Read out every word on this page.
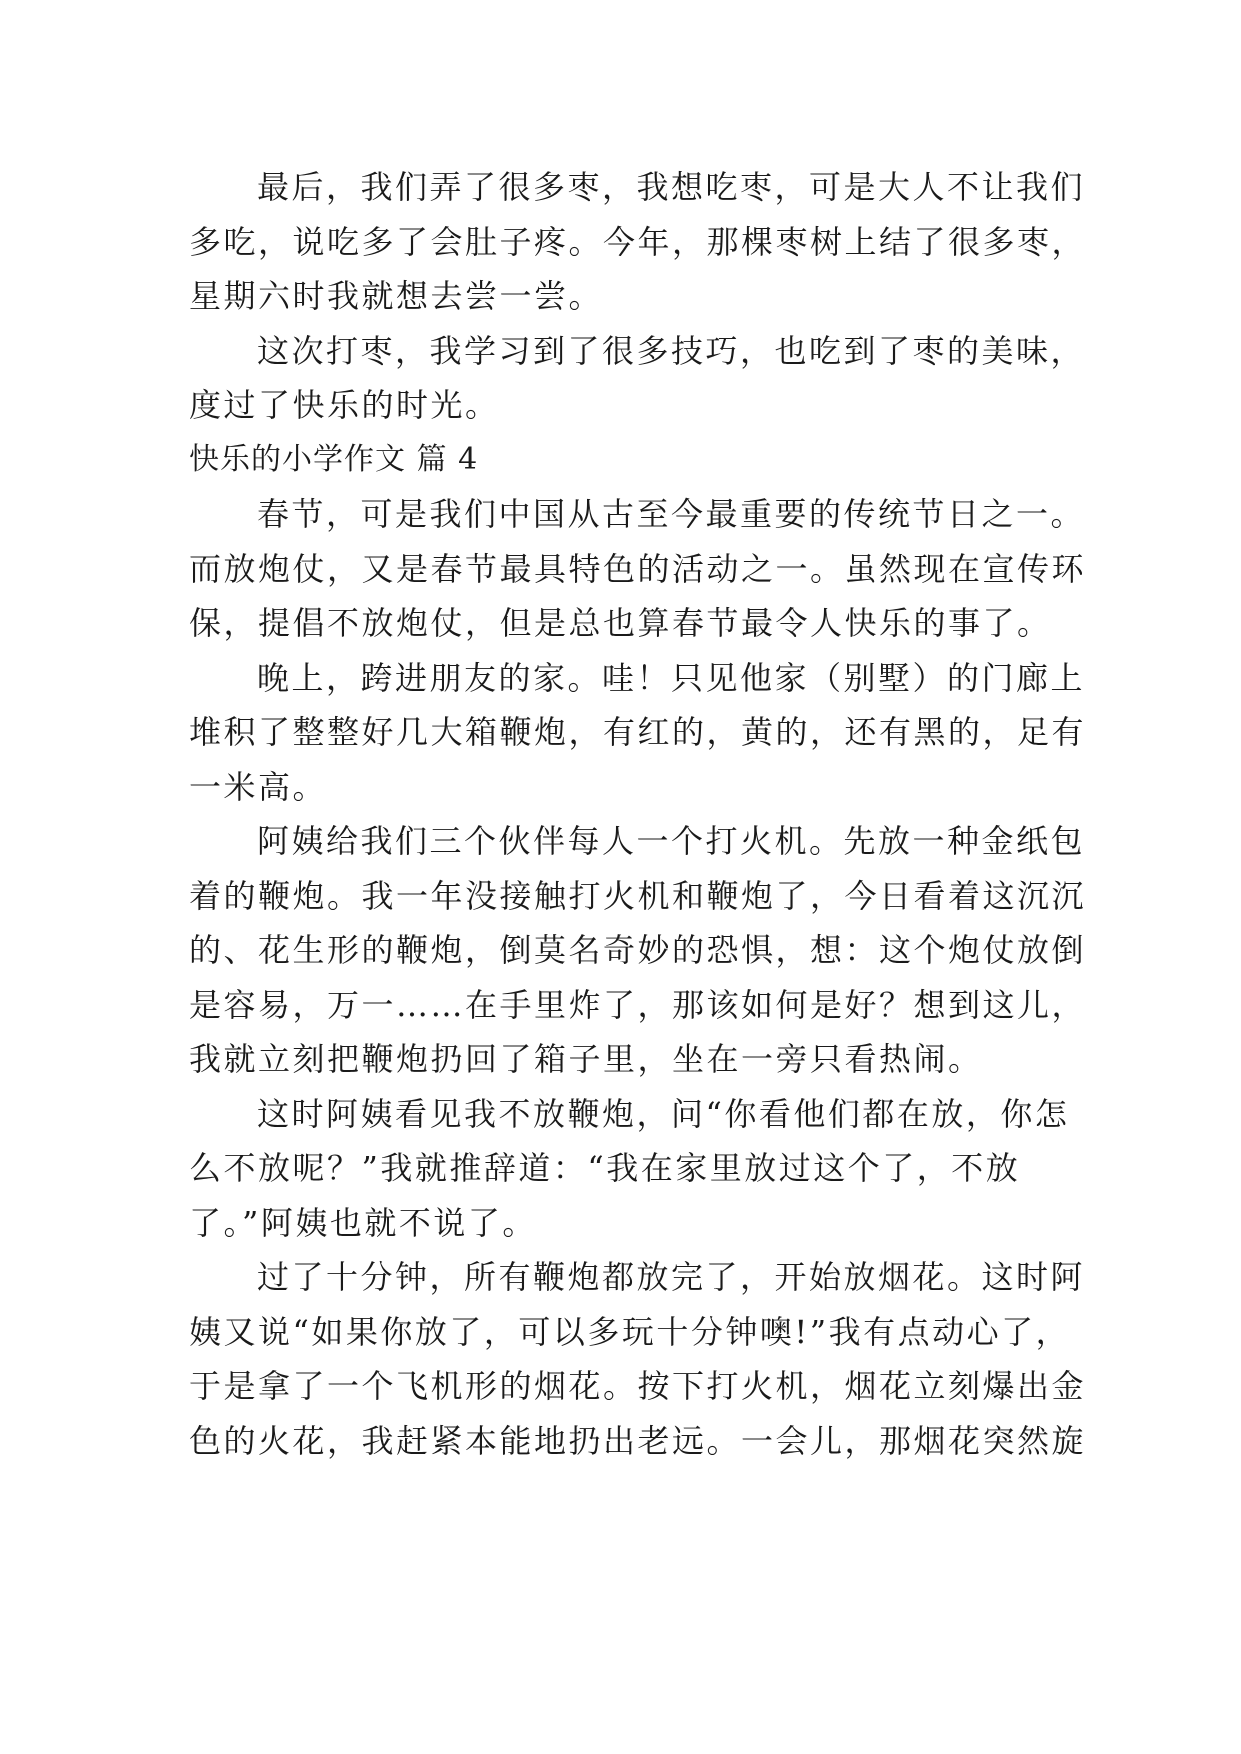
最后，我们弄了很多枣，我想吃枣，可是大人不让我们
多吃，说吃多了会肚子疼。今年，那棵枣树上结了很多枣，
星期六时我就想去尝一尝。
这次打枣，我学习到了很多技巧，也吃到了枣的美味，
度过了快乐的时光。
快乐的小学作文 篇 4
春节，可是我们中国从古至今最重要的传统节日之一。
而放炮仗，又是春节最具特色的活动之一。虽然现在宣传环
保，提倡不放炮仗，但是总也算春节最令人快乐的事了。
晚上，跨进朋友的家。哇！只见他家（别墅）的门廊上
堆积了整整好几大箱鞭炮，有红的，黄的，还有黑的，足有
一米高。
阿姨给我们三个伙伴每人一个打火机。先放一种金纸包
着的鞭炮。我一年没接触打火机和鞭炮了，今日看着这沉沉
的、花生形的鞭炮，倒莫名奇妙的恐惧，想：这个炮仗放倒
是容易，万一……在手里炸了，那该如何是好？想到这儿，
我就立刻把鞭炮扔回了箱子里，坐在一旁只看热闹。
这时阿姨看见我不放鞭炮，问“你看他们都在放，你怎
么不放呢？”我就推辞道：“我在家里放过这个了，不放
了。”阿姨也就不说了。
过了十分钟，所有鞭炮都放完了，开始放烟花。这时阿
姨又说“如果你放了，可以多玩十分钟噢!”我有点动心了，
于是拿了一个飞机形的烟花。按下打火机，烟花立刻爆出金
色的火花，我赶紧本能地扔出老远。一会儿，那烟花突然旋
